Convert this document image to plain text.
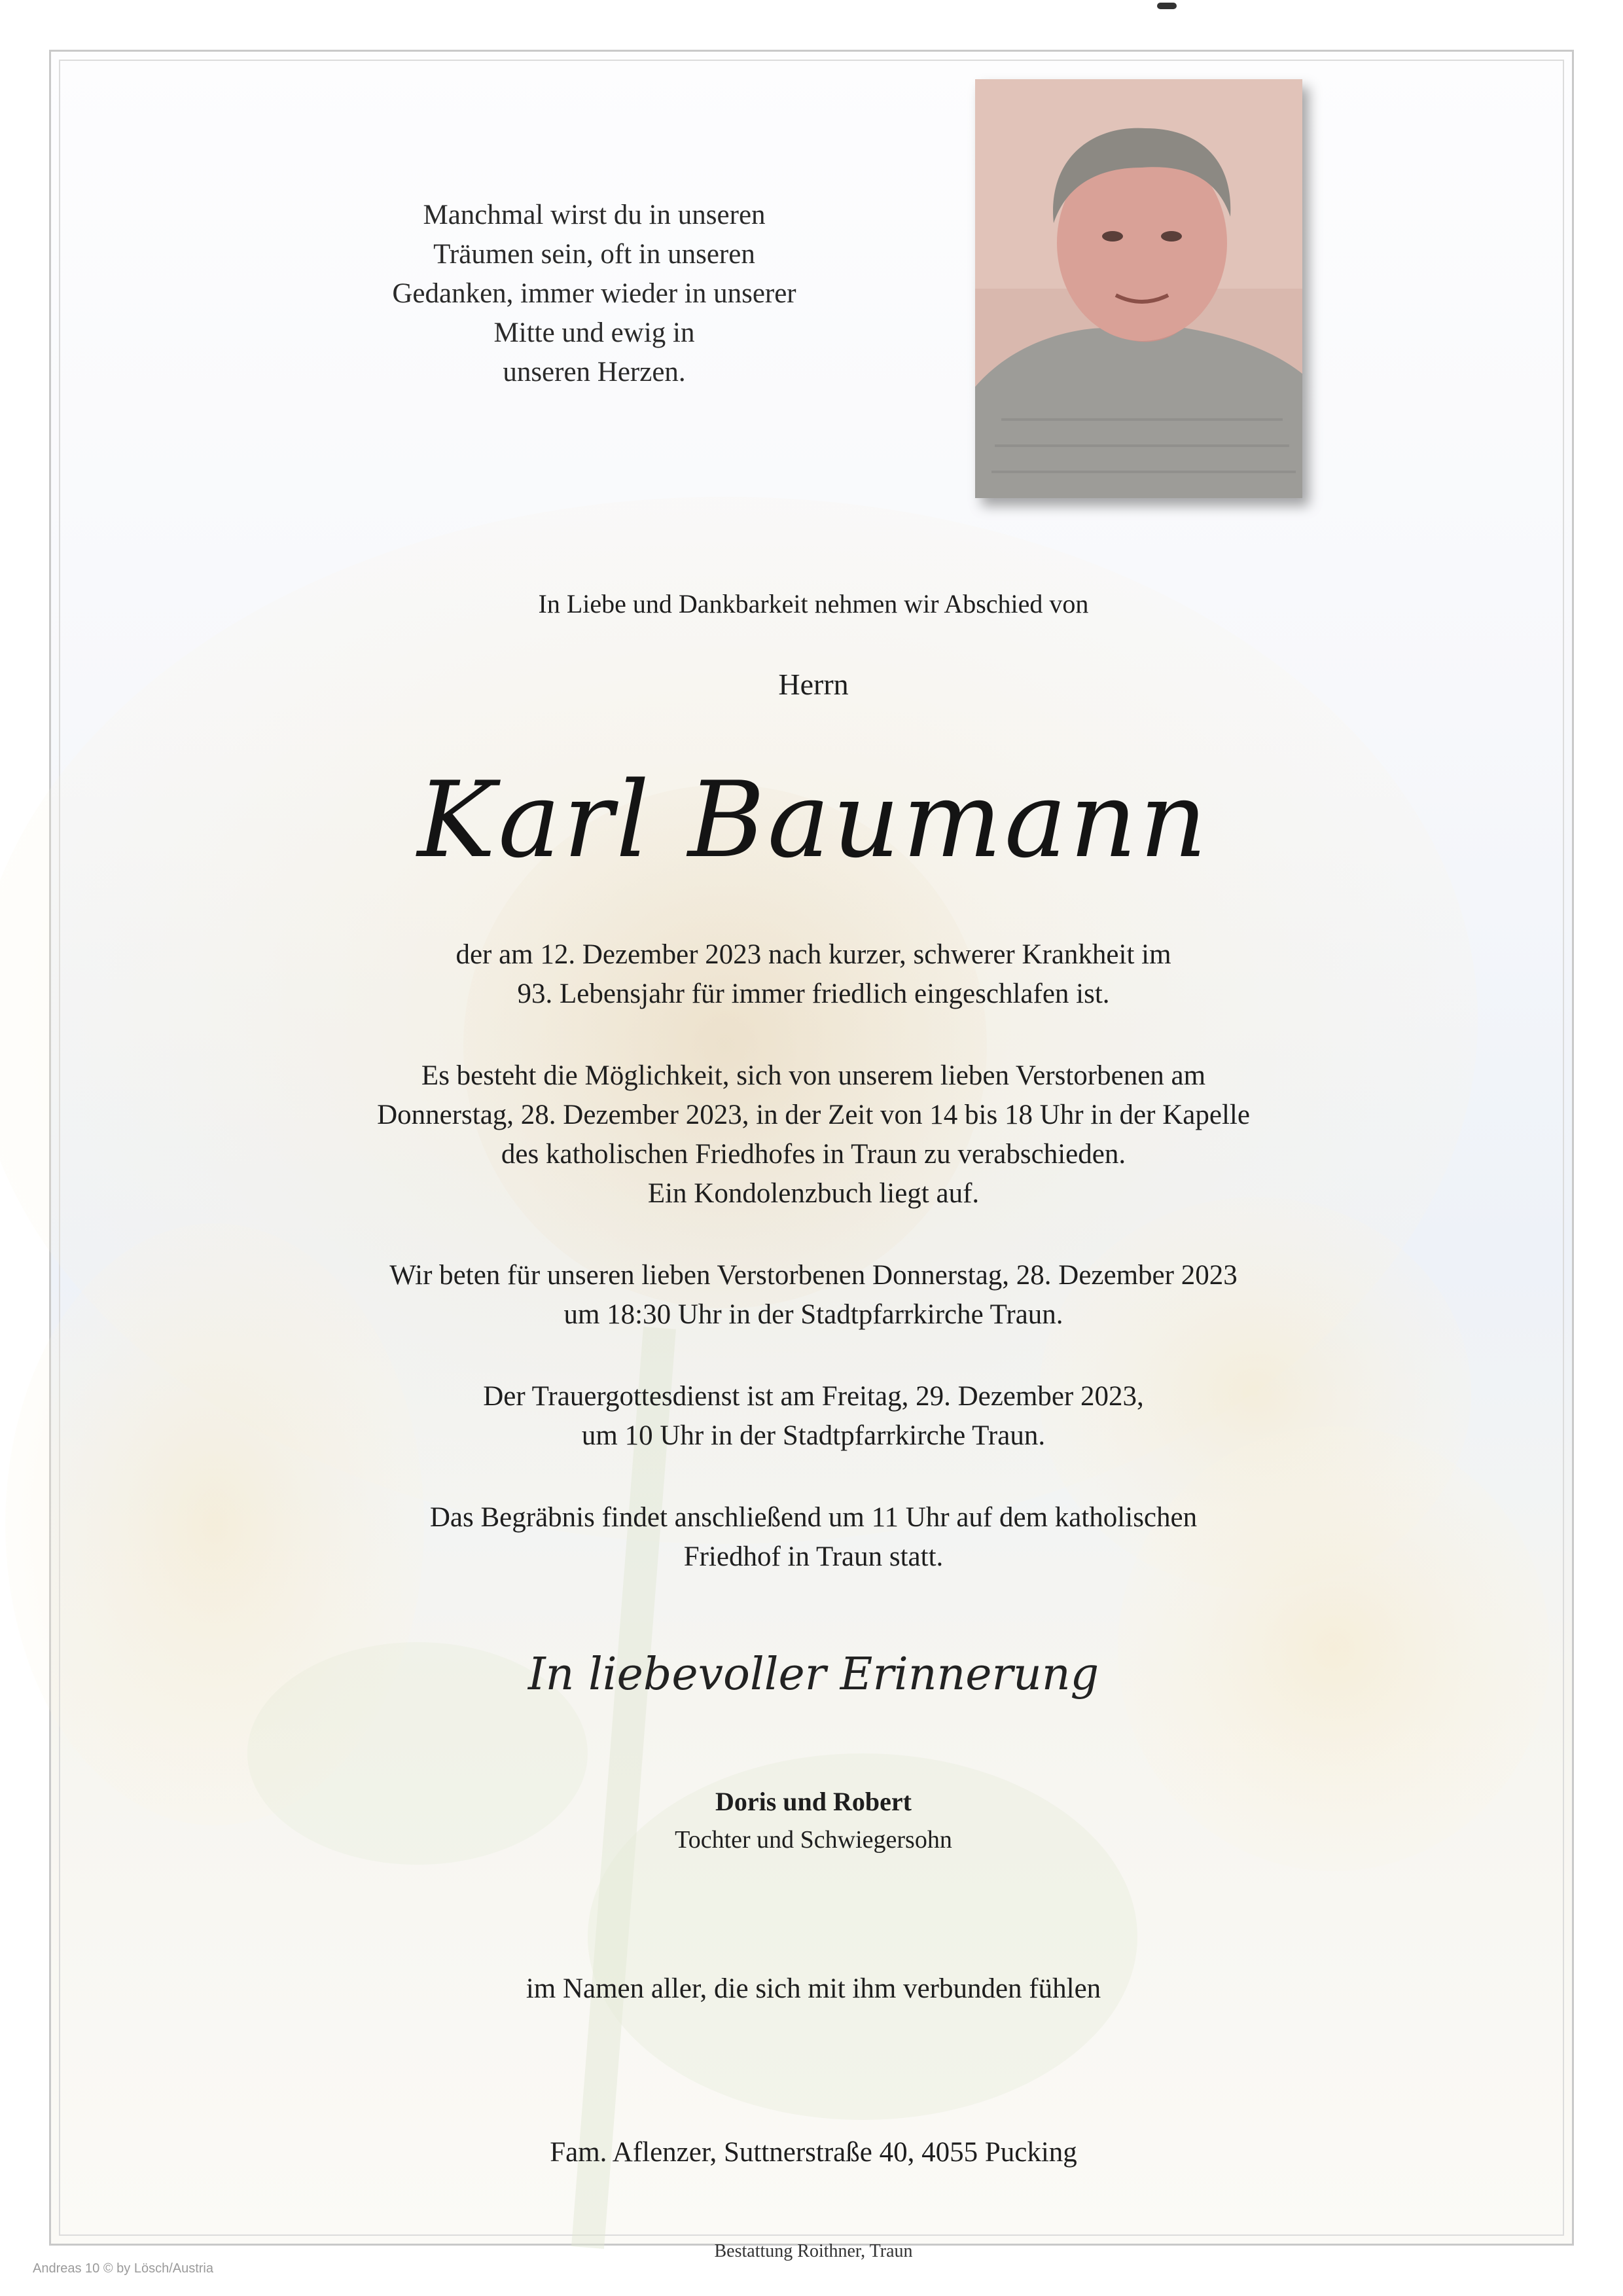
Manchmal wirst du in unseren
Träumen sein, oft in unseren
Gedanken, immer wieder in unserer
Mitte und ewig in
unseren Herzen.
In Liebe und Dankbarkeit nehmen wir Abschied von
Herrn
Karl Baumann
der am 12. Dezember 2023 nach kurzer, schwerer Krankheit im
93. Lebensjahr für immer friedlich eingeschlafen ist.
Es besteht die Möglichkeit, sich von unserem lieben Verstorbenen am
Donnerstag, 28. Dezember 2023, in der Zeit von 14 bis 18 Uhr in der Kapelle
des katholischen Friedhofes in Traun zu verabschieden.
Ein Kondolenzbuch liegt auf.
Wir beten für unseren lieben Verstorbenen Donnerstag, 28. Dezember 2023
um 18:30 Uhr in der Stadtpfarrkirche Traun.
Der Trauergottesdienst ist am Freitag, 29. Dezember 2023,
um 10 Uhr in der Stadtpfarrkirche Traun.
Das Begräbnis findet anschließend um 11 Uhr auf dem katholischen
Friedhof in Traun statt.
In liebevoller Erinnerung
Doris und Robert
Tochter und Schwiegersohn
im Namen aller, die sich mit ihm verbunden fühlen
Fam. Aflenzer, Suttnerstraße 40, 4055 Pucking
Bestattung Roithner, Traun
Andreas 10 © by Lösch/Austria
